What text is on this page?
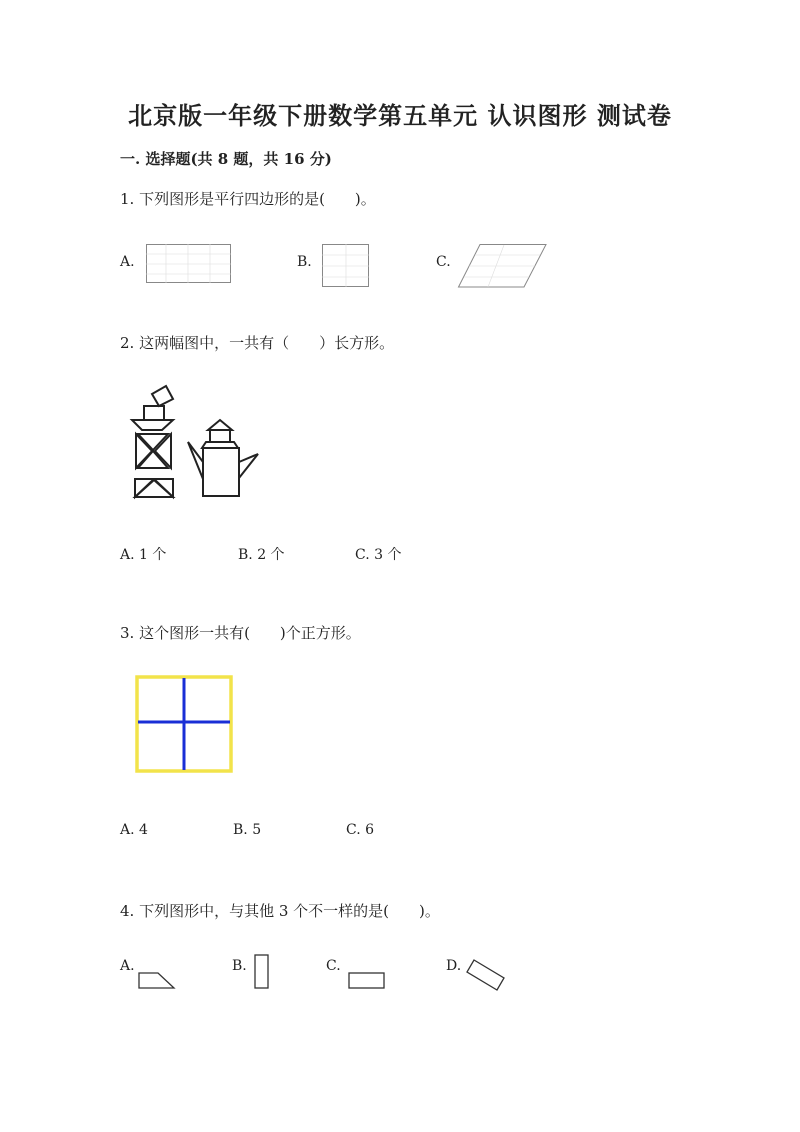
北京版一年级下册数学第五单元 认识图形 测试卷
一. 选择题(共 8 题，共 16 分)
1. 下列图形是平行四边形的是(　　)。
A.	B.	C.
2. 这两幅图中，一共有（　　）长方形。
A. 1 个	B. 2 个	C. 3 个
3. 这个图形一共有(　　)个正方形。
A. 4	B. 5	C. 6
4. 下列图形中，与其他 3 个不一样的是(　　)。
A.	B.	C.	D.
